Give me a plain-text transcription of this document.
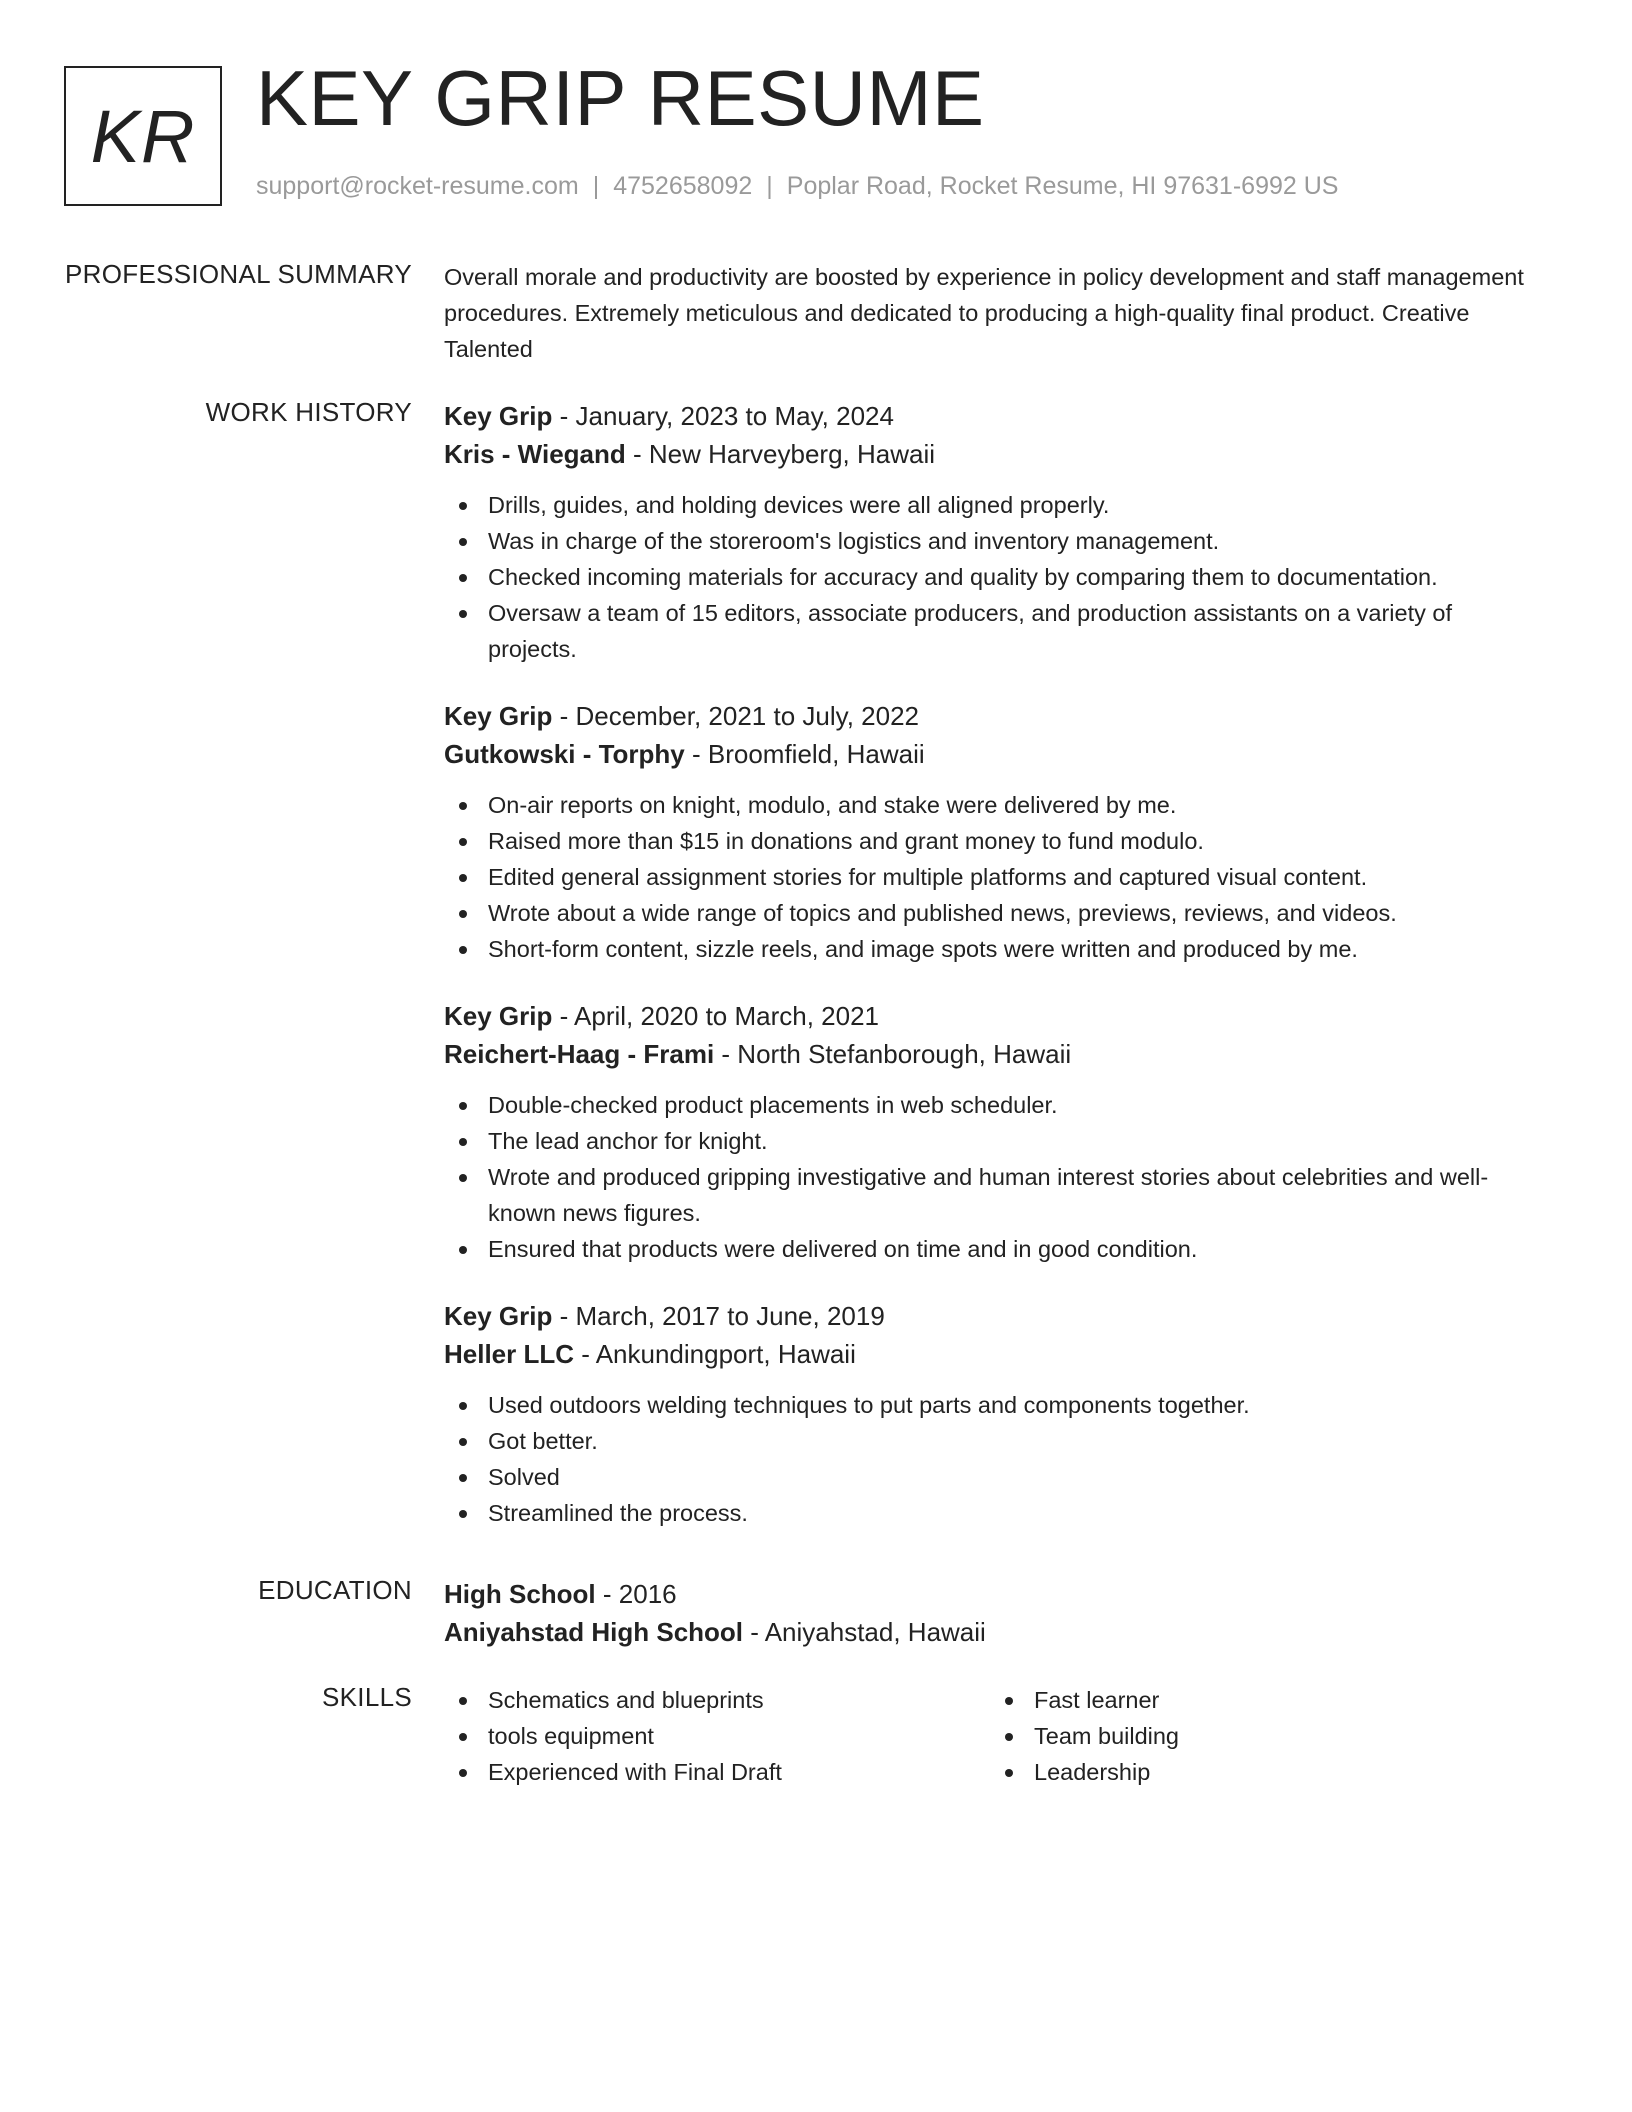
KR KEY GRIP RESUME
support@rocket-resume.com | 4752658092 | Poplar Road, Rocket Resume, HI 97631-6992 US
PROFESSIONAL SUMMARY Overall morale and productivity are boosted by experience in policy development and staff management procedures. Extremely meticulous and dedicated to producing a high-quality final product. Creative Talented

WORK HISTORY Key Grip - January, 2023 to May, 2024
Kris - Wiegand - New Harveyberg, Hawaii
Drills, guides, and holding devices were all aligned properly.
Was in charge of the storeroom's logistics and inventory management.
Checked incoming materials for accuracy and quality by comparing them to documentation.
Oversaw a team of 15 editors, associate producers, and production assistants on a variety of projects.
Key Grip - December, 2021 to July, 2022
Gutkowski - Torphy - Broomfield, Hawaii
On-air reports on knight, modulo, and stake were delivered by me.
Raised more than $15 in donations and grant money to fund modulo.
Edited general assignment stories for multiple platforms and captured visual content.
Wrote about a wide range of topics and published news, previews, reviews, and videos.
Short-form content, sizzle reels, and image spots were written and produced by me.
Key Grip - April, 2020 to March, 2021
Reichert-Haag - Frami - North Stefanborough, Hawaii
Double-checked product placements in web scheduler.
The lead anchor for knight.
Wrote and produced gripping investigative and human interest stories about celebrities and well-known news figures.
Ensured that products were delivered on time and in good condition.
Key Grip - March, 2017 to June, 2019
Heller LLC - Ankundingport, Hawaii
Used outdoors welding techniques to put parts and components together.
Got better.
Solved
Streamlined the process.
EDUCATION High School - 2016
Aniyahstad High School - Aniyahstad, Hawaii
SKILLS	Schematics and blueprints
tools equipment
Experienced with Final Draft
Fast learner
Team building
Leadership
